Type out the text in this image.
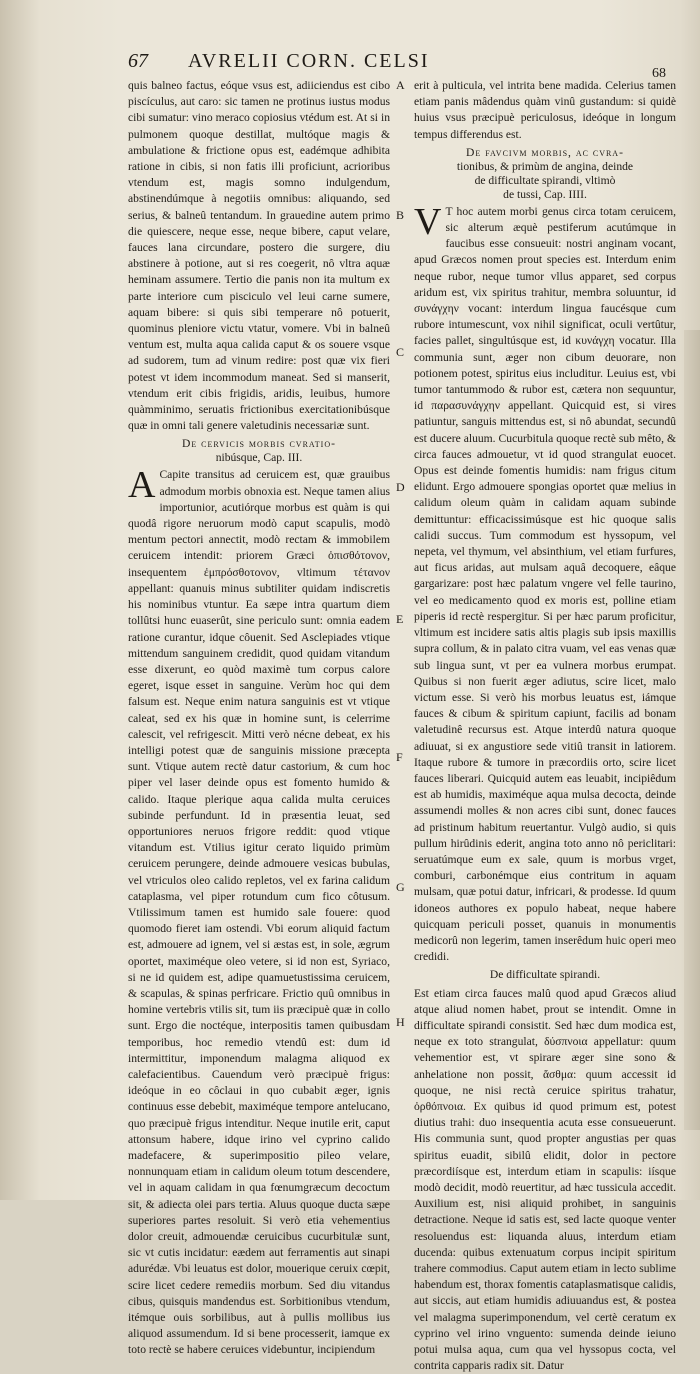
67 AVRELII CORN. CELSI
68

quis balneo factus, eóque vsus est, adiiciendus est cibo piscículus, aut caro: sic tamen ne protinus iustus modus cibi sumatur: vino meraco copiosius vtédum est. At si in pulmonem quoque destillat, multóque magis & ambulatione & frictione opus est, eadémque adhibita ratione in cibis, si non fatis illi proficiunt, acrioribus vtendum est, magis somno indulgendum, abstinendúmque à negotiis omnibus: aliquando, sed serius, & balneû tentandum. In grauedine autem primo die quiescere, neque esse, neque bibere, caput velare, fauces lana circundare, postero die surgere, diu abstinere à potione, aut si res coegerit, nô vltra aquæ heminam assumere. Tertio die panis non ita multum ex parte interiore cum pisciculo vel leui carne sumere, aquam bibere: si quis sibi temperare nô potuerit, quominus pleniore victu vtatur, vomere. Vbi in balneû ventum est, multa aqua calida caput & os souere vsque ad sudorem, tum ad vinum redire: post quæ vix fieri potest vt idem incommodum maneat. Sed si manserit, vtendum erit cibis frigidis, aridis, leuibus, humore quàmminimo, seruatis frictionibus exercitationibúsque quæ in omni tali genere valetudinis necessariæ sunt.

De cervicis morbis cvratio-
nibúsque, Cap. III.

A Capite transitus ad ceruicem est, quæ grauibus admodum morbis obnoxia est. Neque tamen alius importunior, acutiórque morbus est quàm is qui quodâ rigore neruorum modò caput scapulis, modò mentum pectori annectit, modò rectam & immobilem ceruicem intendit: priorem Græci ὀπισθότονον, insequentem ἐμπρόσθοτονον, vltimum τέτανον appellant: quanuis minus subtiliter quidam indiscretis his nominibus vtuntur. Ea sæpe intra quartum diem tollûtsi hunc euaserût, sine periculo sunt: omnia eadem ratione curantur, idque côuenit. Sed Asclepiades vtique mittendum sanguinem credidit, quod quidam vitandum esse dixerunt, eo quòd maximè tum corpus calore egeret, isque esset in sanguine. Verùm hoc qui dem falsum est. Neque enim natura sanguinis est vt vtique caleat, sed ex his quæ in homine sunt, is celerrime calescit, vel refrigescit. Mitti verò nécne debeat, ex his intelligi potest quæ de sanguinis missione præcepta sunt. Vtique autem rectè datur castorium, & cum hoc piper vel laser deinde opus est fomento humido & calido. Itaque plerique aqua calida multa ceruices subinde perfundunt. Id in præsentia leuat, sed opportuniores neruos frigore reddit: quod vtique vitandum est. Vtilius igitur cerato liquido primùm ceruicem perungere, deinde admouere vesicas bubulas, vel vtriculos oleo calido repletos, vel ex farina calidum cataplasma, vel piper rotundum cum fico côtusum. Vtilissimum tamen est humido sale fouere: quod quomodo fieret iam ostendi. Vbi eorum aliquid factum est, admouere ad ignem, vel si æstas est, in sole, ægrum oportet, maximéque oleo vetere, si id non est, Syriaco, si ne id quidem est, adipe quamuetustissima ceruicem, & scapulas, & spinas perfricare. Frictio quû omnibus in homine vertebris vtilis sit, tum iis præcipuè quæ in collo sunt. Ergo die noctéque, interpositis tamen quibusdam temporibus, hoc remedio vtendû est: dum id intermittitur, imponendum malagma aliquod ex calefacientibus. Cauendum verò præcipuè frigus: ideóque in eo côclaui in quo cubabit æger, ignis continuus esse debebit, maximéque tempore antelucano, quo præcipuè frigus intenditur. Neque inutile erit, caput attonsum habere, idque irino vel cyprino calido madefacere, & superimpositio pileo velare, nonnunquam etiam in calidum oleum totum descendere, vel in aquam calidam in qua fœnumgræcum decoctum sit, & adiecta olei pars tertia. Aluus quoque ducta sæpe superiores partes resoluit. Si verò etia vehementius dolor creuit, admouendæ ceruicibus cucurbitulæ sunt, sic vt cutis incidatur: eædem aut ferramentis aut sinapi adurédæ. Vbi leuatus est dolor, mouerique ceruix cœpit, scire licet cedere remediis morbum. Sed diu vitandus cibus, quisquis mandendus est. Sorbitionibus vtendum, itémque ouis sorbilibus, aut à pullis mollibus ius aliquod assumendum. Id si bene processerit, iamque ex toto rectè se habere ceruices videbuntur, incipiendum

A
B
C
D
E
F
G
H

erit à pulticula, vel intrita bene madida. Celerius tamen etiam panis mâdendus quàm vinû gustandum: si quidè huius vsus præcipuè periculosus, ideóque in longum tempus differendus est.

De favcivm morbis, ac cvra-
tionibus, & primùm de angina, deinde
de difficultate spirandi, vltimò
de tussi, Cap. IIII.

V T hoc autem morbi genus circa totam ceruicem, sic alterum æquè pestiferum acutúmque in faucibus esse consueuit: nostri anginam vocant, apud Græcos nomen prout species est. Interdum enim neque rubor, neque tumor vllus apparet, sed corpus aridum est, vix spiritus trahitur, membra soluuntur, id συνάγχην vocant: interdum lingua faucésque cum rubore intumescunt, vox nihil significat, oculi vertûtur, facies pallet, singultúsque est, id κυνάγχη vocatur. Illa communia sunt, æger non cibum deuorare, non potionem potest, spiritus eius includitur. Leuius est, vbi tumor tantummodo & rubor est, cætera non sequuntur, id παρασυνάγχην appellant. Quicquid est, si vires patiuntur, sanguis mittendus est, si nô abundat, secundû est ducere aluum. Cucurbitula quoque rectè sub mêto, & circa fauces admouetur, vt id quod strangulat euocet. Opus est deinde fomentis humidis: nam frigus citum elidunt. Ergo admouere spongias oportet quæ melius in calidum oleum quàm in calidam aquam subinde demittuntur: efficacissimúsque est hic quoque salis calidi succus. Tum commodum est hyssopum, vel nepeta, vel thymum, vel absinthium, vel etiam furfures, aut ficus aridas, aut mulsam aquâ decoquere, eâque gargarizare: post hæc palatum vngere vel felle taurino, vel eo medicamento quod ex moris est, polline etiam piperis id rectè respergitur. Si per hæc parum proficitur, vltimum est incidere satis altis plagis sub ipsis maxillis supra collum, & in palato citra vuam, vel eas venas quæ sub lingua sunt, vt per ea vulnera morbus erumpat. Quibus si non fuerit æger adiutus, scire licet, malo victum esse. Si verò his morbus leuatus est, iámque fauces & cibum & spiritum capiunt, facilis ad bonam valetudinê recursus est. Atque interdû natura quoque adiuuat, si ex angustiore sede vitiû transit in latiorem. Itaque rubore & tumore in præcordiis orto, scire licet fauces liberari. Quicquid autem eas leuabit, incipiêdum est ab humidis, maximéque aqua mulsa decocta, deinde assumendi molles & non acres cibi sunt, donec fauces ad pristinum habitum reuertantur. Vulgò audio, si quis pullum hirûdinis ederit, angina toto anno nô periclitari: seruatúmque eum ex sale, quum is morbus vrget, comburi, carbonémque eius contritum in aquam mulsam, quæ potui datur, infricari, & prodesse. Id quum idoneos authores ex populo habeat, neque habere quicquam periculi posset, quanuis in monumentis medicorû non legerim, tamen inserêdum huic operi meo credidi.

De difficultate spirandi.

Est etiam circa fauces malû quod apud Græcos aliud atque aliud nomen habet, prout se intendit. Omne in difficultate spirandi consistit. Sed hæc dum modica est, neque ex toto strangulat, δύσπνοια appellatur: quum vehementior est, vt spirare æger sine sono & anhelatione non possit, ἄσθμα: quum accessit id quoque, ne nisi rectà ceruice spiritus trahatur, ὀρθόπνοια. Ex quibus id quod primum est, potest diutius trahi: duo insequentia acuta esse consueuerunt. His communia sunt, quod propter angustias per quas spiritus euadit, sibilû elidit, dolor in pectore præcordiísque est, interdum etiam in scapulis: iísque modò decidit, modò reuertitur, ad hæc tussicula accedit. Auxilium est, nisi aliquid prohibet, in sanguinis detractione. Neque id satis est, sed lacte quoque venter resoluendus est: liquanda aluus, interdum etiam ducenda: quibus extenuatum corpus incipit spiritum trahere commodius. Caput autem etiam in lecto sublime habendum est, thorax fomentis cataplasmatisque calidis, aut siccis, aut etiam humidis adiuuandus est, & postea vel malagma superimponendum, vel certè ceratum ex cyprino vel irino vnguento: sumenda deinde ieiuno potui mulsa aqua, cum qua vel hyssopus cocta, vel contrita capparis radix sit. Datur
